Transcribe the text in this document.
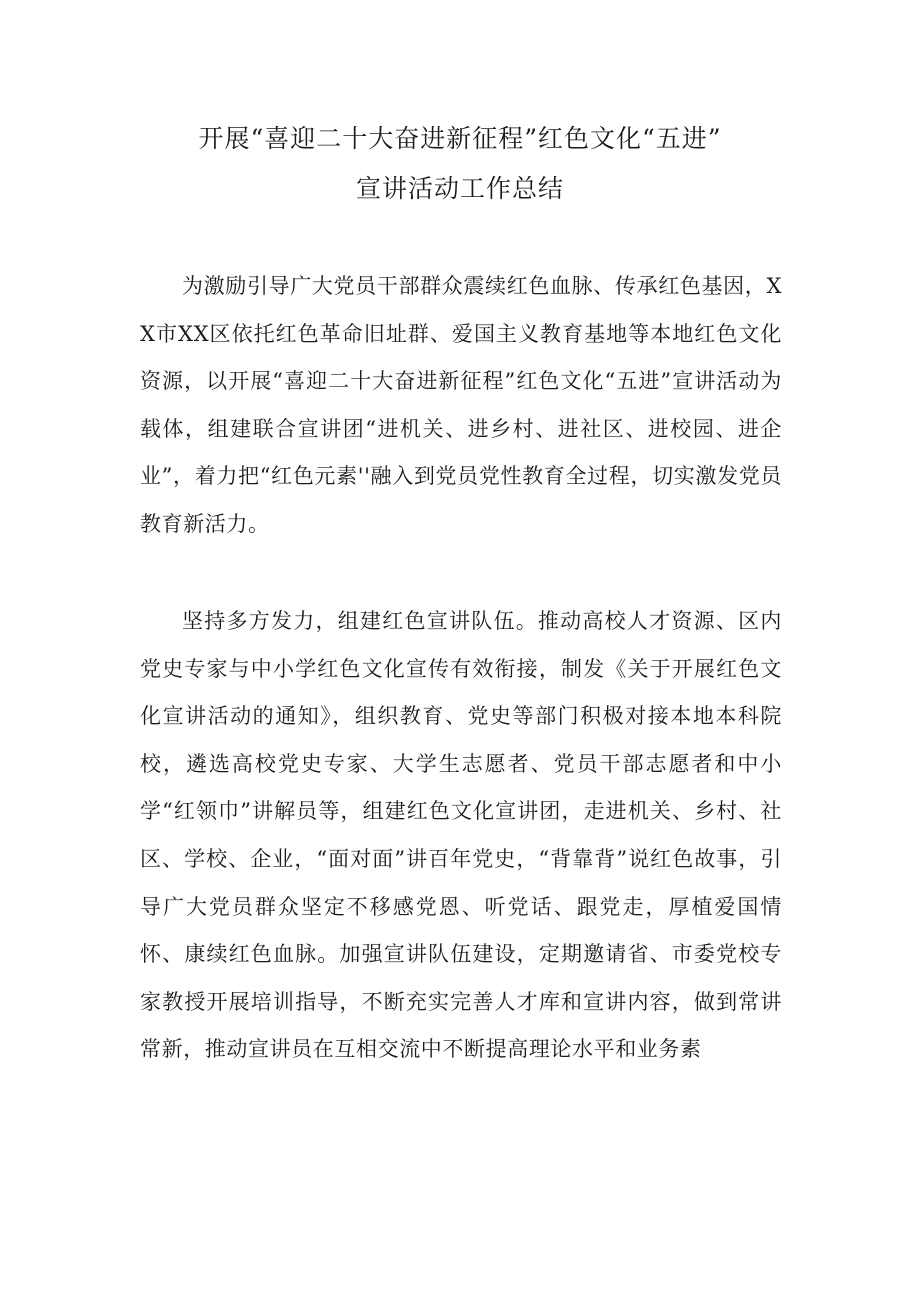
开展“喜迎二十大奋进新征程”红色文化“五进”
宣讲活动工作总结

为激励引导广大党员干部群众震续红色血脉、传承红色基因，XX市XX区依托红色革命旧址群、爱国主义教育基地等本地红色文化资源，以开展“喜迎二十大奋进新征程”红色文化“五进”宣讲活动为载体，组建联合宣讲团“进机关、进乡村、进社区、进校园、进企业”，着力把“红色元素''融入到党员党性教育全过程，切实激发党员教育新活力。

坚持多方发力，组建红色宣讲队伍。推动高校人才资源、区内党史专家与中小学红色文化宣传有效衔接，制发《关于开展红色文化宣讲活动的通知》，组织教育、党史等部门积极对接本地本科院校，遴选高校党史专家、大学生志愿者、党员干部志愿者和中小学“红领巾”讲解员等，组建红色文化宣讲团，走进机关、乡村、社区、学校、企业，“面对面”讲百年党史，“背靠背”说红色故事，引导广大党员群众坚定不移感党恩、听党话、跟党走，厚植爱国情怀、康续红色血脉。加强宣讲队伍建设，定期邀请省、市委党校专家教授开展培训指导，不断充实完善人才库和宣讲内容，做到常讲常新，推动宣讲员在互相交流中不断提高理论水平和业务素
